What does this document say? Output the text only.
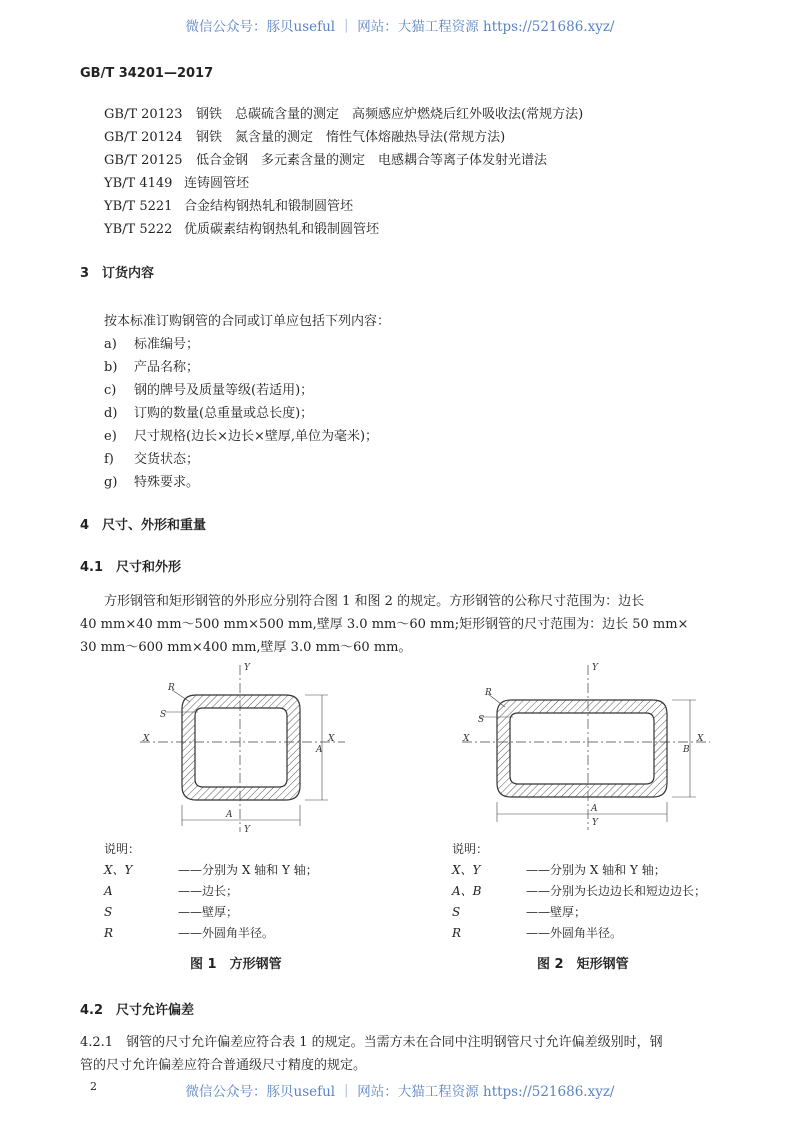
微信公众号：豚贝useful ｜ 网站：大猫工程资源 https://521686.xyz/
GB/T 34201—2017
GB/T 20123 钢铁　总碳硫含量的测定　高频感应炉燃烧后红外吸收法(常规方法)
GB/T 20124 钢铁　氮含量的测定　惰性气体熔融热导法(常规方法)
GB/T 20125 低合金钢　多元素含量的测定　电感耦合等离子体发射光谱法
YB/T 4149 连铸圆管坯
YB/T 5221 合金结构钢热轧和锻制圆管坯
YB/T 5222 优质碳素结构钢热轧和锻制圆管坯
3　订货内容
按本标准订购钢管的合同或订单应包括下列内容：
a) 标准编号；
b) 产品名称；
c) 钢的牌号及质量等级(若适用)；
d) 订购的数量(总重量或总长度)；
e) 尺寸规格(边长×边长×壁厚,单位为毫米)；
f) 交货状态；
g) 特殊要求。
4　尺寸、外形和重量
4.1　尺寸和外形
方形钢管和矩形钢管的外形应分别符合图 1 和图 2 的规定。方形钢管的公称尺寸范围为：边长
40 mm×40 mm～500 mm×500 mm,壁厚 3.0 mm～60 mm;矩形钢管的尺寸范围为：边长 50 mm×
30 mm～600 mm×400 mm,壁厚 3.0 mm～60 mm。
R
S
X	X
Y
Y
A
A
R
S
X	X
Y
Y
A
B
说明：
X、Y	——分别为 X 轴和 Y 轴；
A	——边长；
S	——壁厚；
R	——外圆角半径。
说明：
X、Y	——分别为 X 轴和 Y 轴；
A、B	——分别为长边边长和短边边长；
S	——壁厚；
R	——外圆角半径。
图 1　方形钢管	图 2　矩形钢管
4.2　尺寸允许偏差
4.2.1　钢管的尺寸允许偏差应符合表 1 的规定。当需方未在合同中注明钢管尺寸允许偏差级别时，钢
管的尺寸允许偏差应符合普通级尺寸精度的规定。
2	微信公众号：豚贝useful ｜ 网站：大猫工程资源 https://521686.xyz/
